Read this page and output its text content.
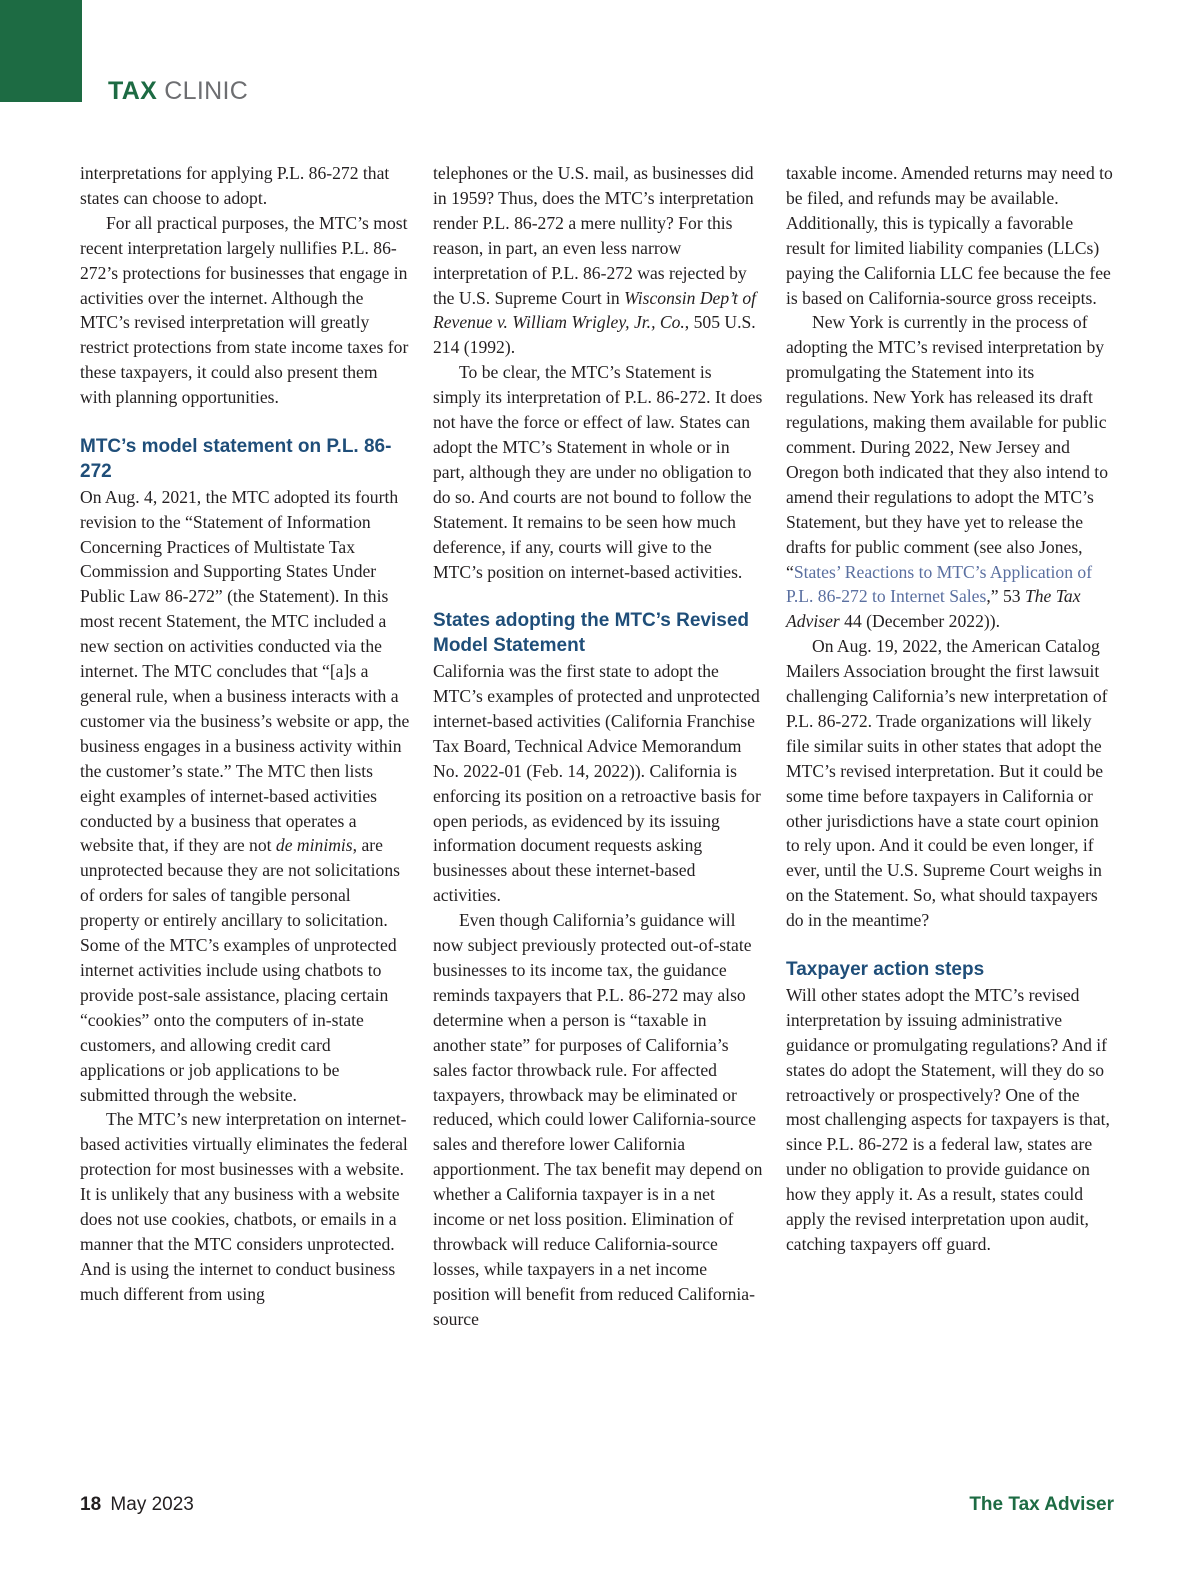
TAX CLINIC

interpretations for applying P.L. 86-272 that states can choose to adopt.

For all practical purposes, the MTC’s most recent interpretation largely nullifies P.L. 86-272’s protections for businesses that engage in activities over the internet. Although the MTC’s revised interpretation will greatly restrict protections from state income taxes for these taxpayers, it could also present them with planning opportunities.

MTC’s model statement on P.L. 86-272

On Aug. 4, 2021, the MTC adopted its fourth revision to the “Statement of Information Concerning Practices of Multistate Tax Commission and Supporting States Under Public Law 86-272” (the Statement). In this most recent Statement, the MTC included a new section on activities conducted via the internet. The MTC concludes that “[a]s a general rule, when a business interacts with a customer via the business’s website or app, the business engages in a business activity within the customer’s state.” The MTC then lists eight examples of internet-based activities conducted by a business that operates a website that, if they are not de minimis, are unprotected because they are not solicitations of orders for sales of tangible personal property or entirely ancillary to solicitation. Some of the MTC’s examples of unprotected internet activities include using chatbots to provide post-sale assistance, placing certain “cookies” onto the computers of in-state customers, and allowing credit card applications or job applications to be submitted through the website.

The MTC’s new interpretation on internet-based activities virtually eliminates the federal protection for most businesses with a website. It is unlikely that any business with a website does not use cookies, chatbots, or emails in a manner that the MTC considers unprotected. And is using the internet to conduct business much different from using

telephones or the U.S. mail, as businesses did in 1959? Thus, does the MTC’s interpretation render P.L. 86-272 a mere nullity? For this reason, in part, an even less narrow interpretation of P.L. 86-272 was rejected by the U.S. Supreme Court in Wisconsin Dep’t of Revenue v. William Wrigley, Jr., Co., 505 U.S. 214 (1992).

To be clear, the MTC’s Statement is simply its interpretation of P.L. 86-272. It does not have the force or effect of law. States can adopt the MTC’s Statement in whole or in part, although they are under no obligation to do so. And courts are not bound to follow the Statement. It remains to be seen how much deference, if any, courts will give to the MTC’s position on internet-based activities.

States adopting the MTC’s Revised Model Statement

California was the first state to adopt the MTC’s examples of protected and unprotected internet-based activities (California Franchise Tax Board, Technical Advice Memorandum No. 2022-01 (Feb. 14, 2022)). California is enforcing its position on a retroactive basis for open periods, as evidenced by its issuing information document requests asking businesses about these internet-based activities.

Even though California’s guidance will now subject previously protected out-of-state businesses to its income tax, the guidance reminds taxpayers that P.L. 86-272 may also determine when a person is “taxable in another state” for purposes of California’s sales factor throwback rule. For affected taxpayers, throwback may be eliminated or reduced, which could lower California-source sales and therefore lower California apportionment. The tax benefit may depend on whether a California taxpayer is in a net income or net loss position. Elimination of throwback will reduce California-source losses, while taxpayers in a net income position will benefit from reduced California-source

taxable income. Amended returns may need to be filed, and refunds may be available. Additionally, this is typically a favorable result for limited liability companies (LLCs) paying the California LLC fee because the fee is based on California-source gross receipts.

New York is currently in the process of adopting the MTC’s revised interpretation by promulgating the Statement into its regulations. New York has released its draft regulations, making them available for public comment. During 2022, New Jersey and Oregon both indicated that they also intend to amend their regulations to adopt the MTC’s Statement, but they have yet to release the drafts for public comment (see also Jones, “States’ Reactions to MTC’s Application of P.L. 86-272 to Internet Sales,” 53 The Tax Adviser 44 (December 2022)).

On Aug. 19, 2022, the American Catalog Mailers Association brought the first lawsuit challenging California’s new interpretation of P.L. 86-272. Trade organizations will likely file similar suits in other states that adopt the MTC’s revised interpretation. But it could be some time before taxpayers in California or other jurisdictions have a state court opinion to rely upon. And it could be even longer, if ever, until the U.S. Supreme Court weighs in on the Statement. So, what should taxpayers do in the meantime?

Taxpayer action steps

Will other states adopt the MTC’s revised interpretation by issuing administrative guidance or promulgating regulations? And if states do adopt the Statement, will they do so retroactively or prospectively? One of the most challenging aspects for taxpayers is that, since P.L. 86-272 is a federal law, states are under no obligation to provide guidance on how they apply it. As a result, states could apply the revised interpretation upon audit, catching taxpayers off guard.

18 May 2023	The Tax Adviser
